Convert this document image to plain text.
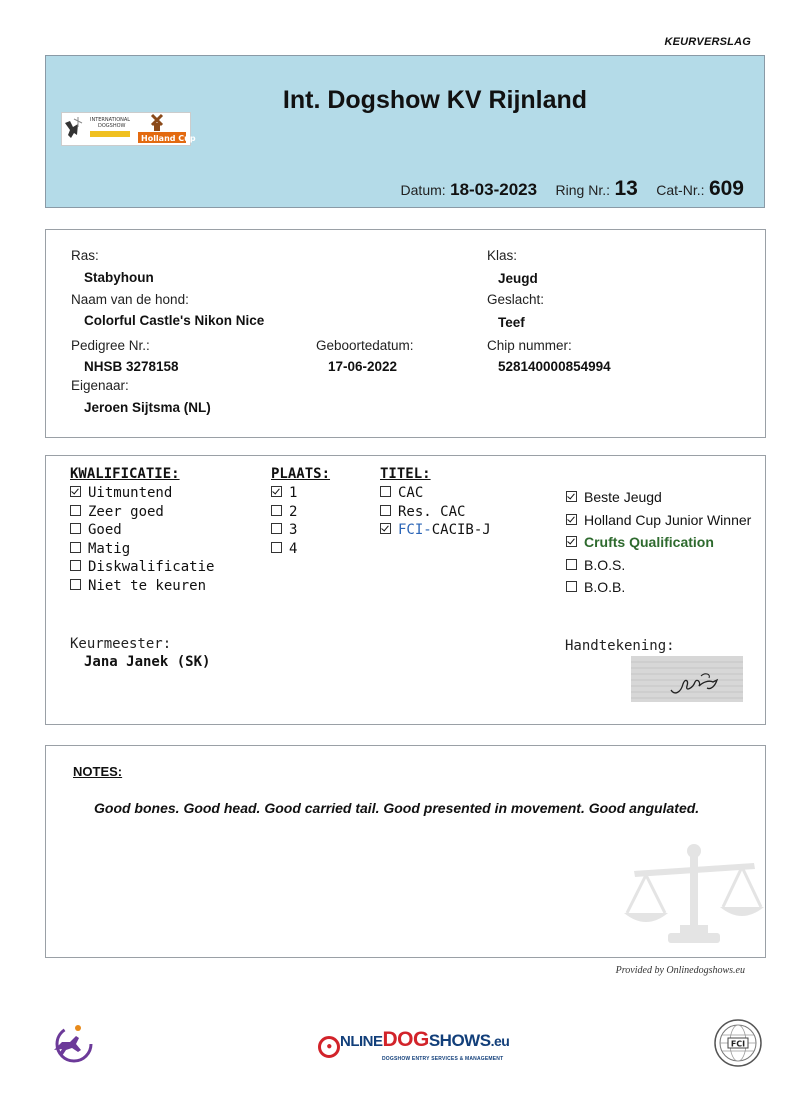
KEURVERSLAG
INTERNATIONAL
DOGSHOW
Holland Cup
Int. Dogshow KV Rijnland
Datum: 18-03-2023 Ring Nr.: 13 Cat-Nr.: 609
Ras:
Stabyhoun
Naam van de hond:
Colorful Castle's Nikon Nice
Pedigree Nr.:
NHSB 3278158
Eigenaar:
Jeroen Sijtsma (NL)
Geboortedatum:
17-06-2022
Klas:
Jeugd
Geslacht:
Teef
Chip nummer:
528140000854994
KWALIFICATIE:
Uitmuntend
Zeer goed
Goed
Matig
Diskwalificatie
Niet te keuren
PLAATS:
1
2
3
4
TITEL:
CAC
Res. CAC
FCI-CACIB-J
Beste Jeugd
Holland Cup Junior Winner
Crufts Qualification
B.O.S.
B.O.B.
Keurmeester:
Jana Janek (SK)
Handtekening:
NOTES:
Good bones. Good head. Good carried tail. Good presented in movement. Good angulated.
Provided by Onlinedogshows.eu
● NLINEDOGSHOWS.eu
DOGSHOW ENTRY SERVICES & MANAGEMENT
FCI
